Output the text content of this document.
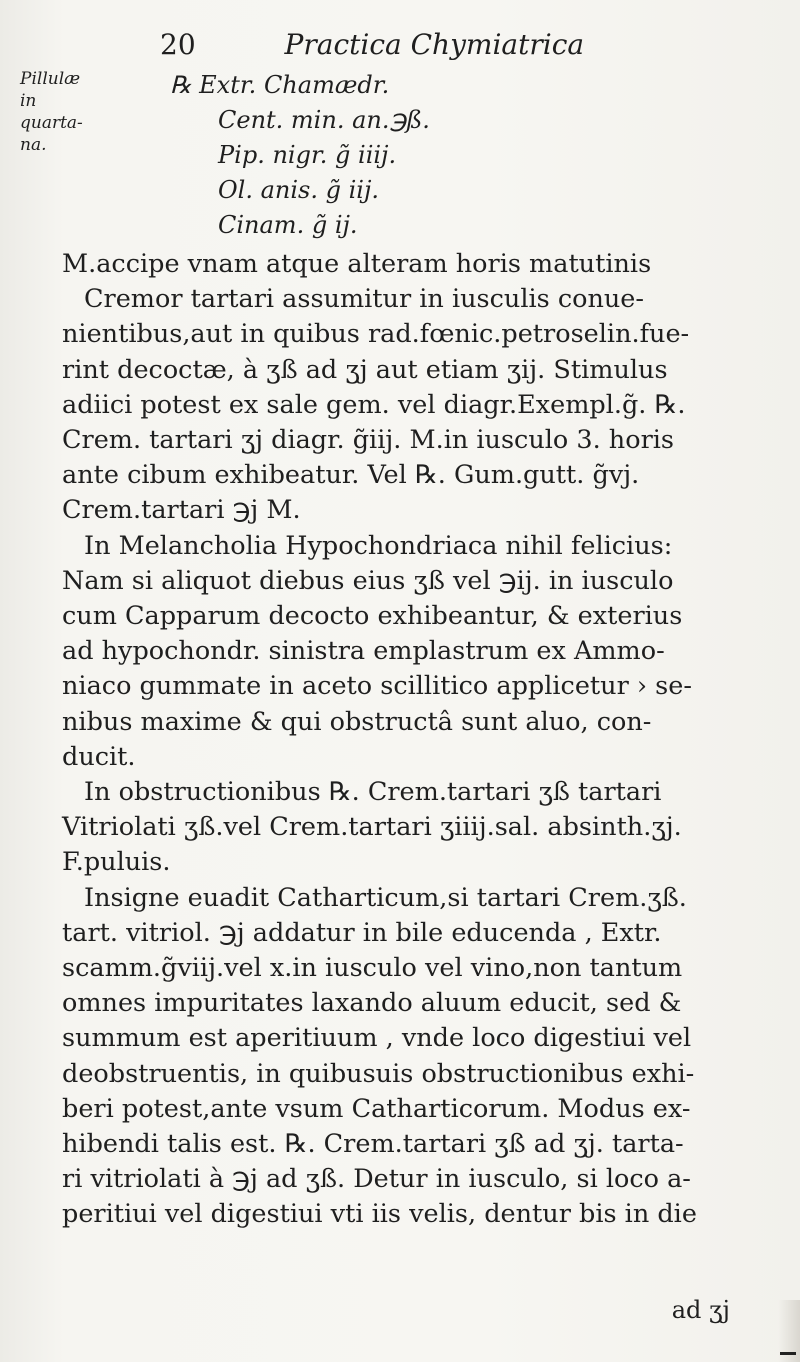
20	Practica Chymiatrica
Pillulæ in
quarta-
na.
℞ Extr. Chamædr.
Cent. min. an.℈ß.
Pip. nigr. g̃ iiij.
Ol. anis. g̃ iij.
Cinam. g̃ ij.
M.accipe vnam atque alteram horis matutinis
Cremor tartari assumitur in iusculis conue-
nientibus,aut in quibus rad.fœnic.petroselin.fue-
rint decoctæ, à ʒß ad ʒj aut etiam ʒij. Stimulus
adiici potest ex sale gem. vel diagr.Exempl.g̃. ℞.
Crem. tartari ʒj diagr. g̃iij. M.in iusculo 3. horis
ante cibum exhibeatur. Vel ℞. Gum.gutt. g̃vj.
Crem.tartari ℈j M.
In Melancholia Hypochondriaca nihil felicius:
Nam si aliquot diebus eius ʒß vel ℈ij. in iusculo
cum Capparum decocto exhibeantur, & exterius
ad hypochondr. sinistra emplastrum ex Ammo-
niaco gummate in aceto scillitico applicetur › se-
nibus maxime & qui obstructâ sunt aluo, con-
ducit.
In obstructionibus ℞. Crem.tartari ʒß tartari
Vitriolati ʒß.vel Crem.tartari ʒiiij.sal. absinth.ʒj.
F.puluis.
Insigne euadit Catharticum,si tartari Crem.ʒß.
tart. vitriol. ℈j addatur in bile educenda , Extr.
scamm.g̃viij.vel x.in iusculo vel vino,non tantum
omnes impuritates laxando aluum educit, sed &
summum est aperitiuum , vnde loco digestiui vel
deobstruentis, in quibusuis obstructionibus exhi-
beri potest,ante vsum Catharticorum. Modus ex-
hibendi talis est. ℞. Crem.tartari ʒß ad ʒj. tarta-
ri vitriolati à ℈j ad ʒß. Detur in iusculo, si loco a-
peritiui vel digestiui vti iis velis, dentur bis in die
ad ʒj
